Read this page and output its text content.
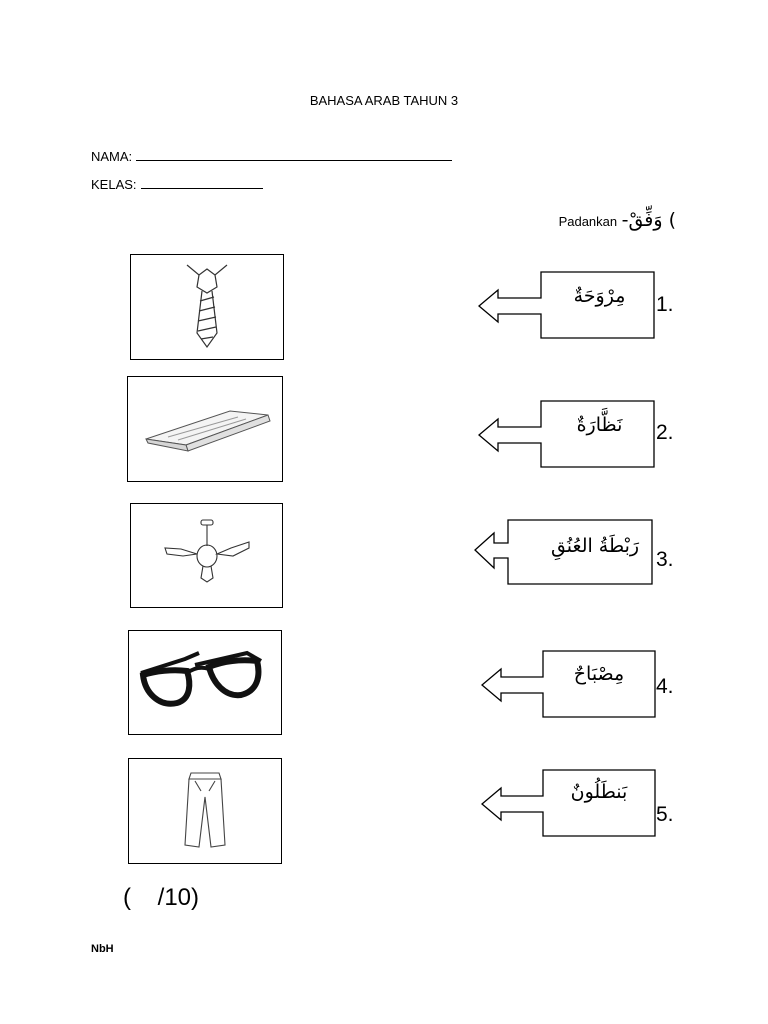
BAHASA ARAB TAHUN 3
NAMA:
KELAS:
Padankan -وَفِّقْ (
مِرْوَحَةٌ	1.
نَظَّارَةٌ	2.
رَبْطَةُ العُنُقِ
3.
مِصْبَاحٌ
4.
بَنطَلُونٌ
5.
(    /10)
NbH
